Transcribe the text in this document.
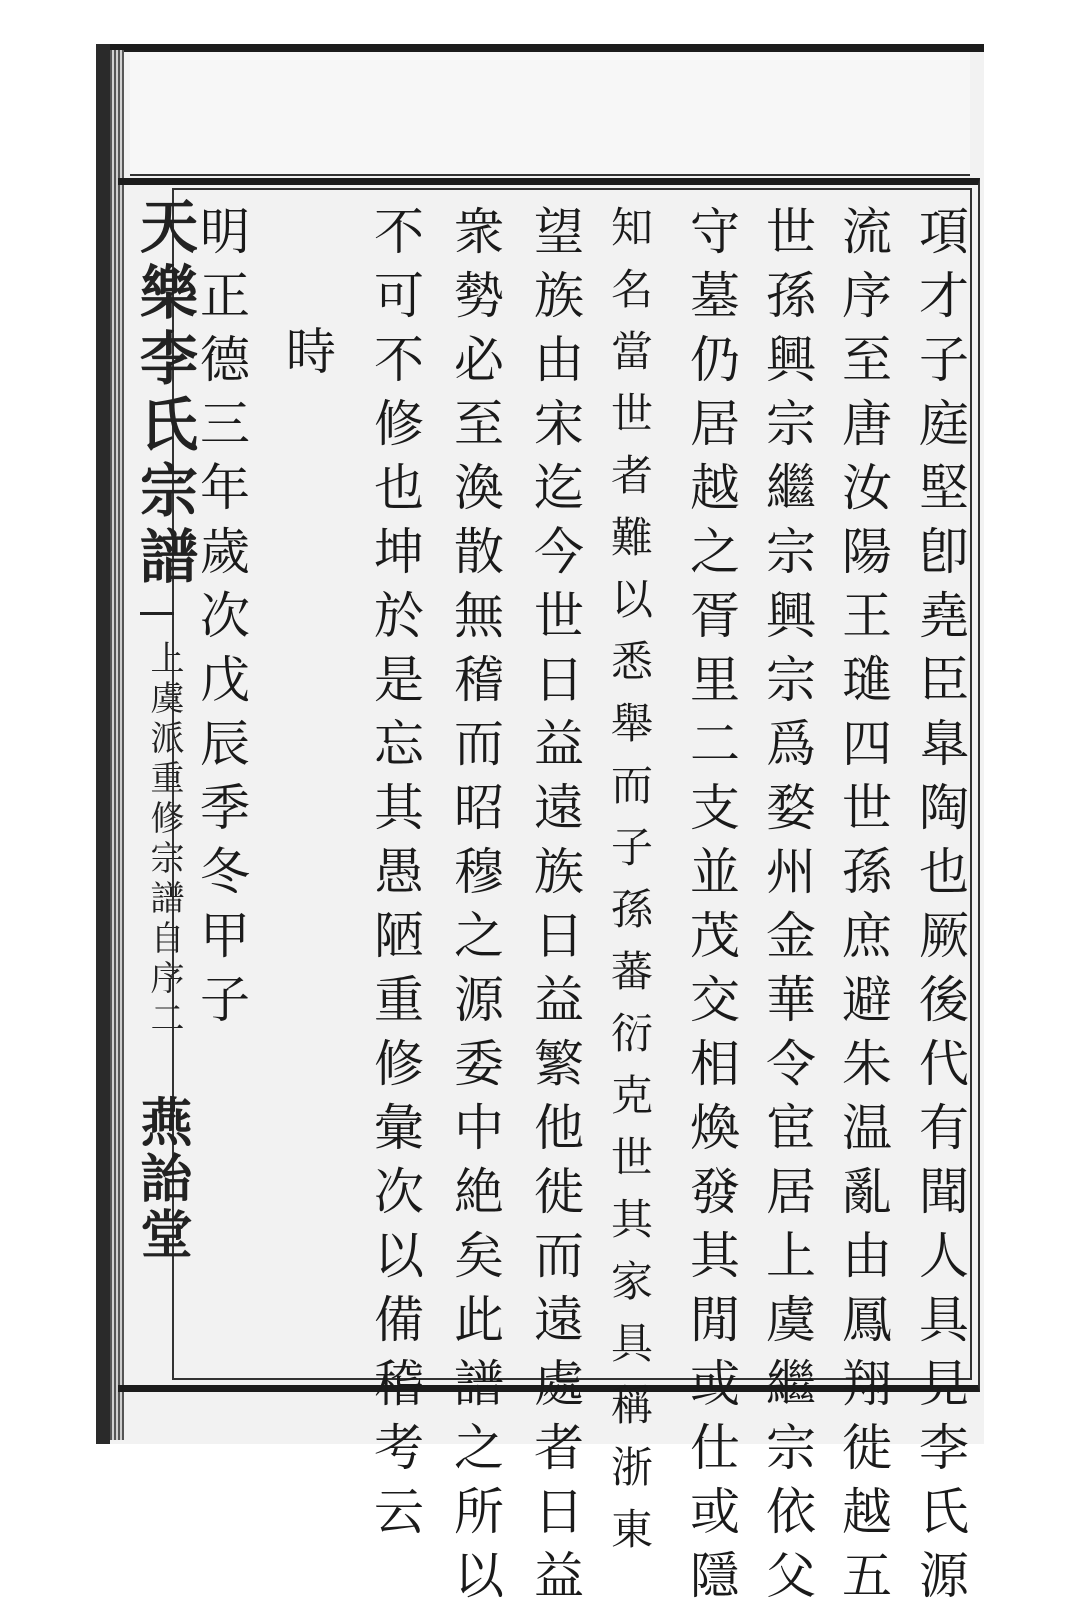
天樂李氏宗譜
上虞派重修宗譜自序二
燕詒堂	項才子庭堅卽堯臣臯陶也厥後代有聞人具見李氏源
流序至唐汝陽王璡四世孫庶避朱温亂由鳳翔徙越五
世孫興宗繼宗興宗爲婺州金華令宦居上虞繼宗依父
守墓仍居越之胥里二支並茂交相煥發其閒或仕或隱
知名當世者難以悉舉而子孫蕃衍克世其家具稱浙東
望族由宋迄今世日益遠族日益繁他徙而遠處者日益
衆勢必至渙散無稽而昭穆之源委中絶矣此譜之所以
不可不修也坤於是忘其愚陋重修彙次以備稽考云
時
明正德三年歲次戊辰季冬甲子
